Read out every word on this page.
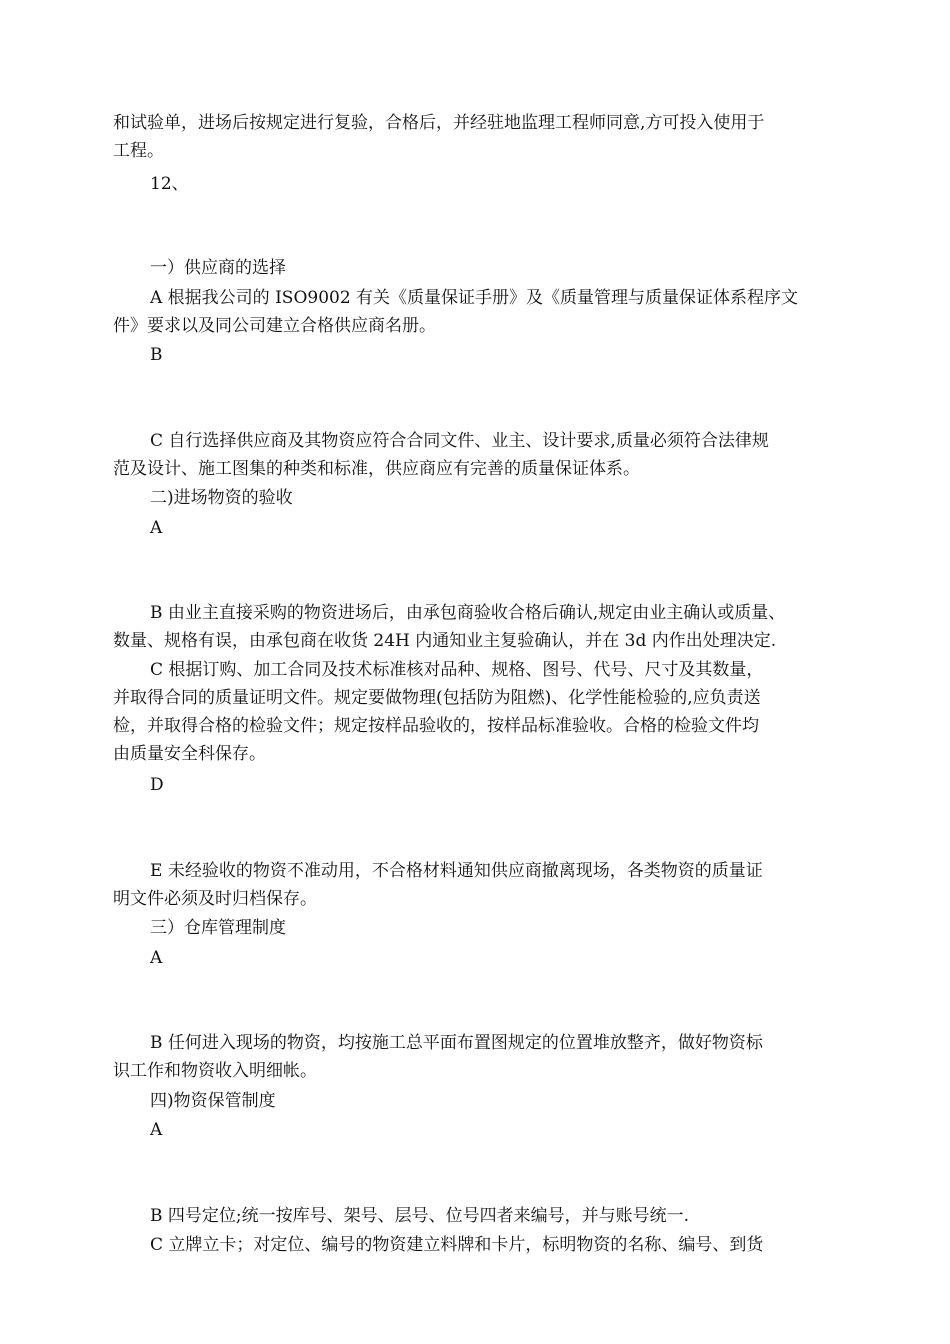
和试验单，进场后按规定进行复验，合格后，并经驻地监理工程师同意,方可投入使用于
工程。

12、

一）供应商的选择

A 根据我公司的 ISO9002 有关《质量保证手册》及《质量管理与质量保证体系程序文
件》要求以及同公司建立合格供应商名册。

B

C 自行选择供应商及其物资应符合合同文件、业主、设计要求,质量必须符合法律规
范及设计、施工图集的种类和标准，供应商应有完善的质量保证体系。

二)进场物资的验收

A

B 由业主直接采购的物资进场后，由承包商验收合格后确认,规定由业主确认或质量、
数量、规格有误，由承包商在收货 24H 内通知业主复验确认，并在 3d 内作出处理决定.

C 根据订购、加工合同及技术标准核对品种、规格、图号、代号、尺寸及其数量，
并取得合同的质量证明文件。规定要做物理(包括防为阻燃)、化学性能检验的,应负责送
检，并取得合格的检验文件；规定按样品验收的，按样品标准验收。合格的检验文件均
由质量安全科保存。

D

E 未经验收的物资不准动用，不合格材料通知供应商撤离现场，各类物资的质量证
明文件必须及时归档保存。

三）仓库管理制度

A

B 任何进入现场的物资，均按施工总平面布置图规定的位置堆放整齐，做好物资标
识工作和物资收入明细帐。

四)物资保管制度

A

B 四号定位;统一按库号、架号、层号、位号四者来编号，并与账号统一.

C 立牌立卡；对定位、编号的物资建立料牌和卡片，标明物资的名称、编号、到货
